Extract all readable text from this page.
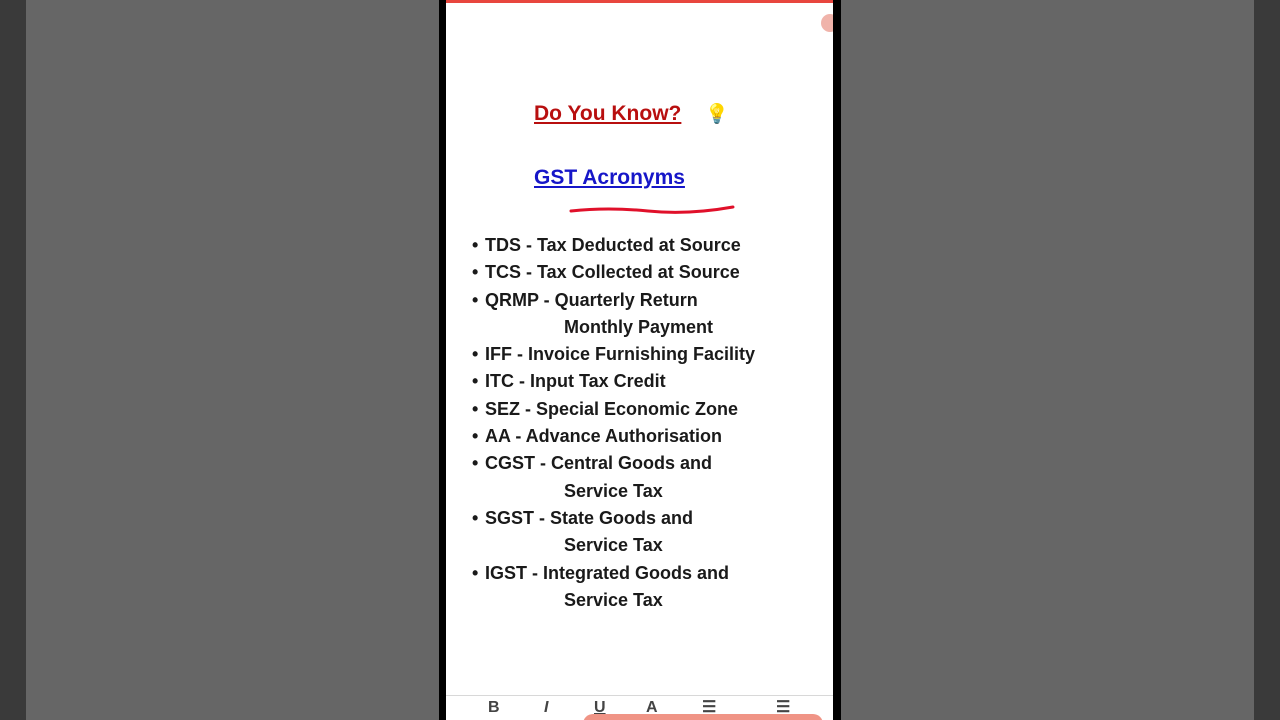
Do You Know? 💡
GST Acronyms
• TDS - Tax Deducted at Source
• TCS - Tax Collected at Source
• QRMP - Quarterly Return
Monthly Payment
• IFF - Invoice Furnishing Facility
• ITC - Input Tax Credit
• SEZ - Special Economic Zone
• AA - Advance Authorisation
• CGST - Central Goods and
Service Tax
• SGST - State Goods and
Service Tax
• IGST - Integrated Goods and
Service Tax
B	I	U	A	☰	☰
